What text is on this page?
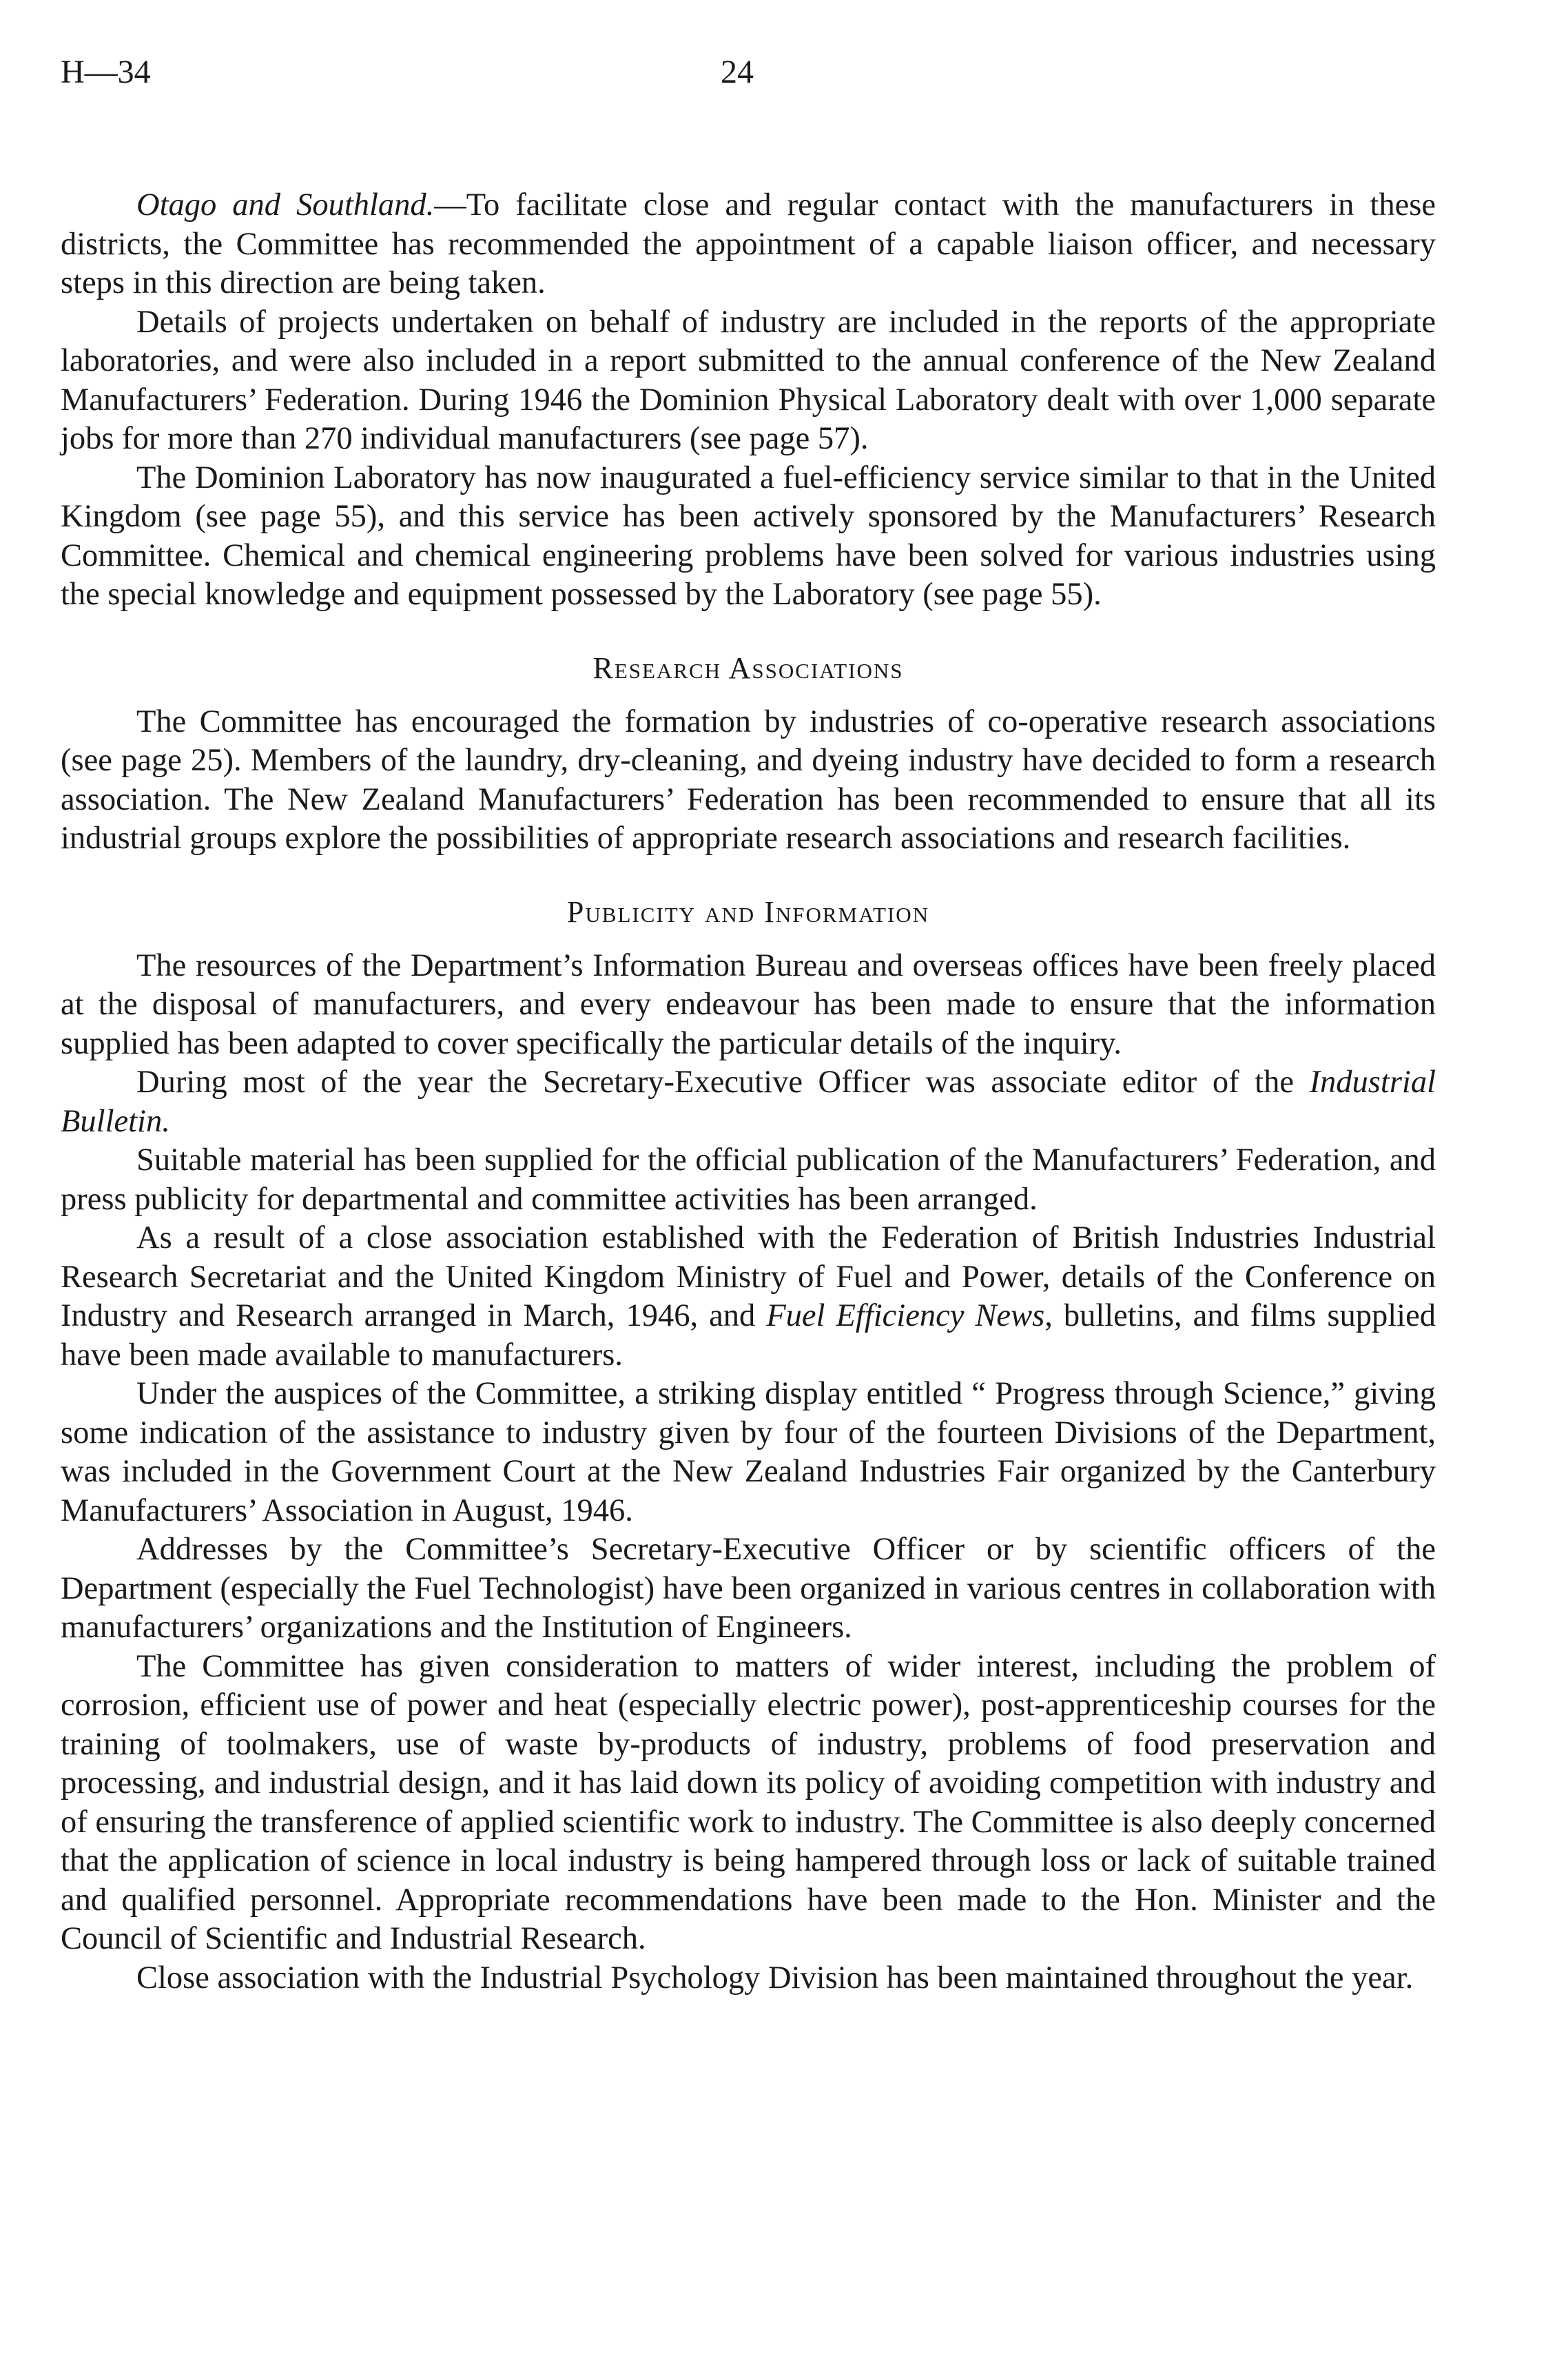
H—34	24

Otago and Southland.—To facilitate close and regular contact with the manufacturers in these districts, the Committee has recommended the appointment of a capable liaison officer, and necessary steps in this direction are being taken.

Details of projects undertaken on behalf of industry are included in the reports of the appropriate laboratories, and were also included in a report submitted to the annual conference of the New Zealand Manufacturers’ Federation. During 1946 the Dominion Physical Laboratory dealt with over 1,000 separate jobs for more than 270 individual manufacturers (see page 57).

The Dominion Laboratory has now inaugurated a fuel-efficiency service similar to that in the United Kingdom (see page 55), and this service has been actively sponsored by the Manufacturers’ Research Committee. Chemical and chemical engineering problems have been solved for various industries using the special knowledge and equipment possessed by the Laboratory (see page 55).

Research Associations

The Committee has encouraged the formation by industries of co-operative research associations (see page 25). Members of the laundry, dry-cleaning, and dyeing industry have decided to form a research association. The New Zealand Manufacturers’ Federation has been recommended to ensure that all its industrial groups explore the possibilities of appropriate research associations and research facilities.

Publicity and Information

The resources of the Department’s Information Bureau and overseas offices have been freely placed at the disposal of manufacturers, and every endeavour has been made to ensure that the information supplied has been adapted to cover specifically the particular details of the inquiry.

During most of the year the Secretary-Executive Officer was associate editor of the Industrial Bulletin.

Suitable material has been supplied for the official publication of the Manufacturers’ Federation, and press publicity for departmental and committee activities has been arranged.

As a result of a close association established with the Federation of British Industries Industrial Research Secretariat and the United Kingdom Ministry of Fuel and Power, details of the Conference on Industry and Research arranged in March, 1946, and Fuel Efficiency News, bulletins, and films supplied have been made available to manufacturers.

Under the auspices of the Committee, a striking display entitled “ Progress through Science,” giving some indication of the assistance to industry given by four of the fourteen Divisions of the Department, was included in the Government Court at the New Zealand Industries Fair organized by the Canterbury Manufacturers’ Association in August, 1946.

Addresses by the Committee’s Secretary-Executive Officer or by scientific officers of the Department (especially the Fuel Technologist) have been organized in various centres in collaboration with manufacturers’ organizations and the Institution of Engineers.

The Committee has given consideration to matters of wider interest, including the problem of corrosion, efficient use of power and heat (especially electric power), post-apprenticeship courses for the training of toolmakers, use of waste by-products of industry, problems of food preservation and processing, and industrial design, and it has laid down its policy of avoiding competition with industry and of ensuring the transference of applied scientific work to industry. The Committee is also deeply concerned that the application of science in local industry is being hampered through loss or lack of suitable trained and qualified personnel. Appropriate recommendations have been made to the Hon. Minister and the Council of Scientific and Industrial Research.

Close association with the Industrial Psychology Division has been maintained throughout the year.
